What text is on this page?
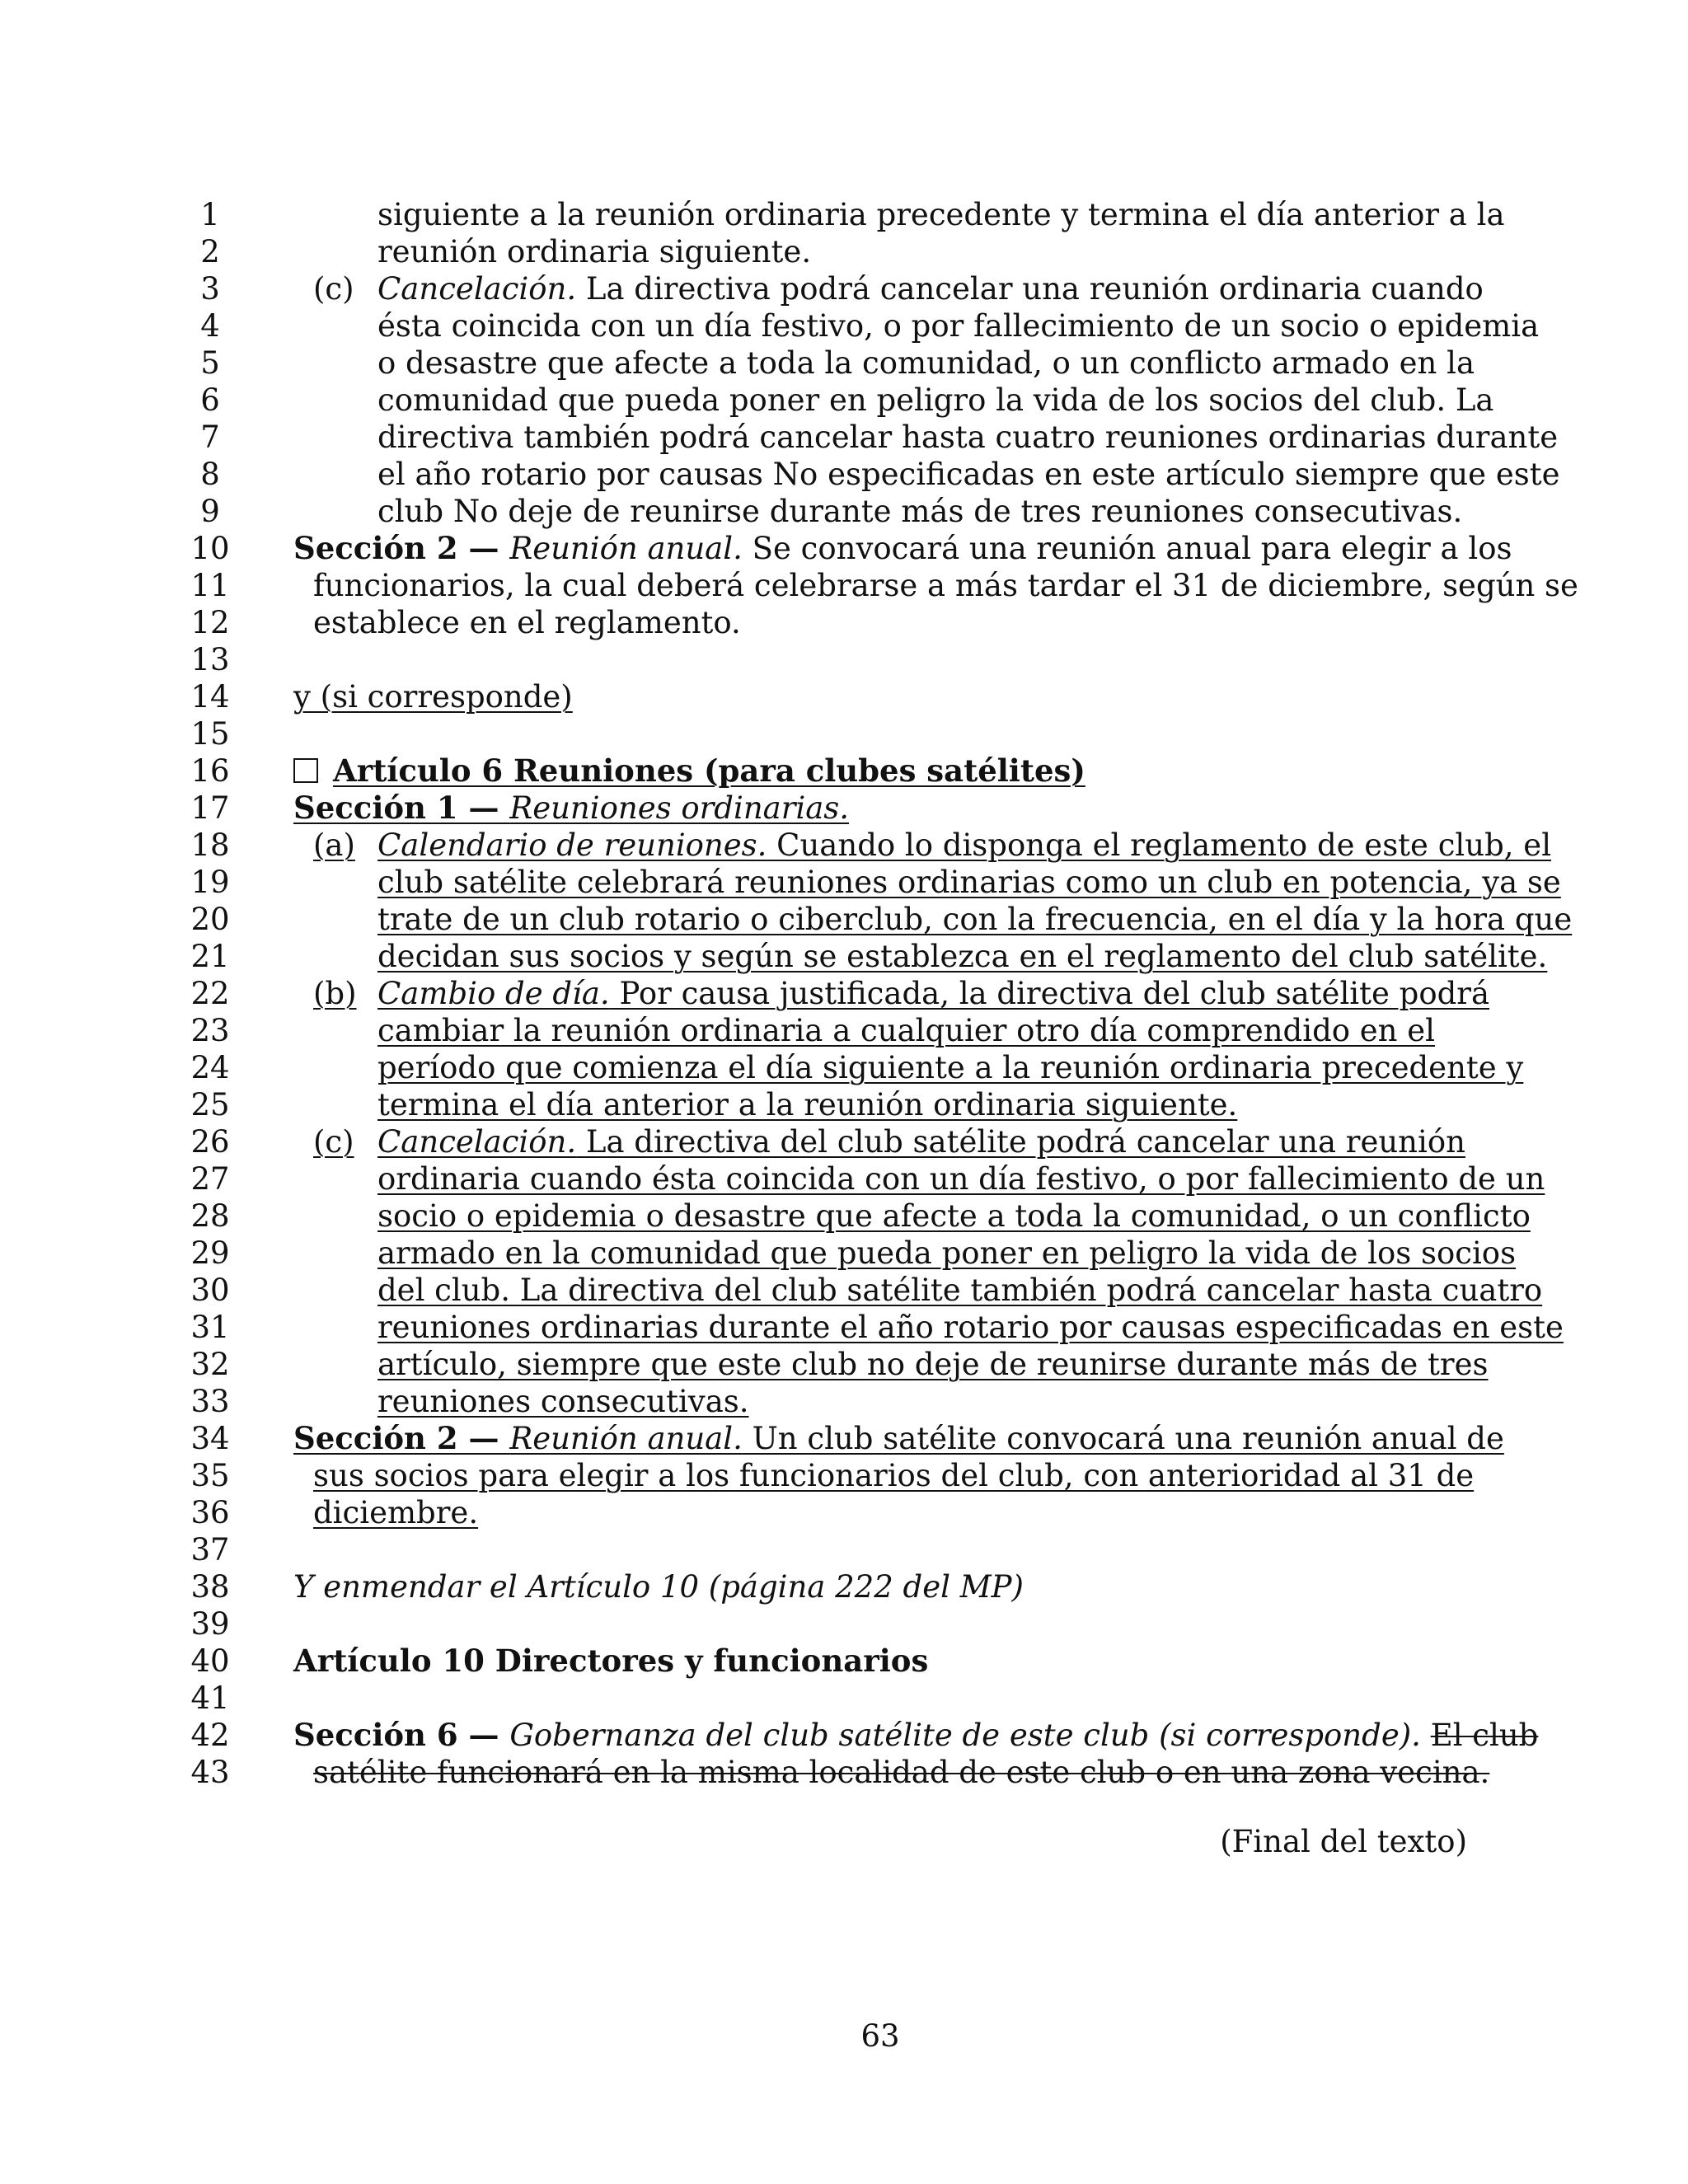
1
2
3
4
5
6
7
8
9
10
11
12
13
14
15
16
17
18
19
20
21
22
23
24
25
26
27
28
29
30
31
32
33
34
35
36
37
38
39
40
41
42
43
siguiente a la reunión ordinaria precedente y termina el día anterior a la
reunión ordinaria siguiente.
(c) Cancelación. La directiva podrá cancelar una reunión ordinaria cuando
ésta coincida con un día festivo, o por fallecimiento de un socio o epidemia
o desastre que afecte a toda la comunidad, o un conflicto armado en la
comunidad que pueda poner en peligro la vida de los socios del club. La
directiva también podrá cancelar hasta cuatro reuniones ordinarias durante
el año rotario por causas No especificadas en este artículo siempre que este
club No deje de reunirse durante más de tres reuniones consecutivas.
Sección 2 — Reunión anual. Se convocará una reunión anual para elegir a los
funcionarios, la cual deberá celebrarse a más tardar el 31 de diciembre, según se
establece en el reglamento.
y (si corresponde)
Artículo 6 Reuniones (para clubes satélites)
Sección 1 — Reuniones ordinarias.
(a) Calendario de reuniones. Cuando lo disponga el reglamento de este club, el
club satélite celebrará reuniones ordinarias como un club en potencia, ya se
trate de un club rotario o ciberclub, con la frecuencia, en el día y la hora que
decidan sus socios y según se establezca en el reglamento del club satélite.
(b) Cambio de día. Por causa justificada, la directiva del club satélite podrá
cambiar la reunión ordinaria a cualquier otro día comprendido en el
período que comienza el día siguiente a la reunión ordinaria precedente y
termina el día anterior a la reunión ordinaria siguiente.
(c) Cancelación. La directiva del club satélite podrá cancelar una reunión
ordinaria cuando ésta coincida con un día festivo, o por fallecimiento de un
socio o epidemia o desastre que afecte a toda la comunidad, o un conflicto
armado en la comunidad que pueda poner en peligro la vida de los socios
del club. La directiva del club satélite también podrá cancelar hasta cuatro
reuniones ordinarias durante el año rotario por causas especificadas en este
artículo, siempre que este club no deje de reunirse durante más de tres
reuniones consecutivas.
Sección 2 — Reunión anual. Un club satélite convocará una reunión anual de
sus socios para elegir a los funcionarios del club, con anterioridad al 31 de
diciembre.
Y enmendar el Artículo 10 (página 222 del MP)
Artículo 10 Directores y funcionarios
Sección 6 — Gobernanza del club satélite de este club (si corresponde). El club
satélite funcionará en la misma localidad de este club o en una zona vecina.
(Final del texto)
63
